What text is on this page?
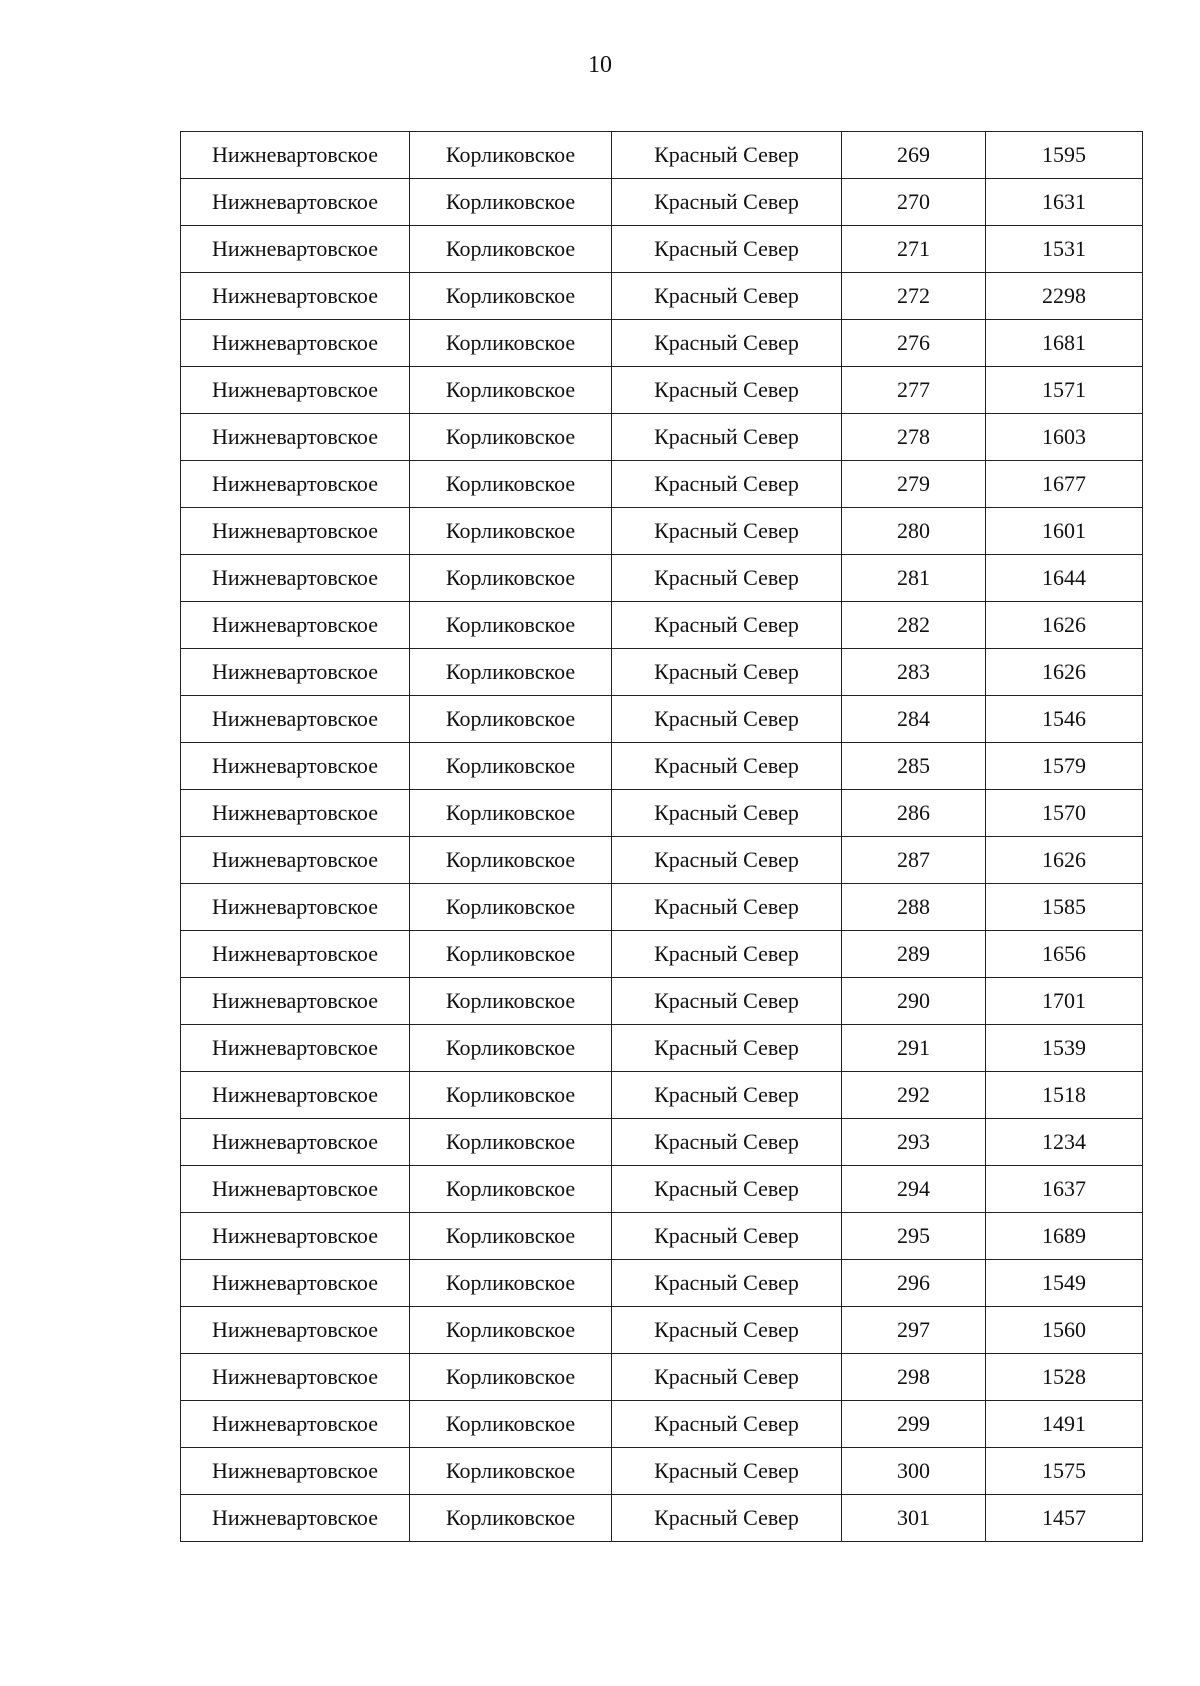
10
Нижневартовское	Корликовское	Красный Север	269	1595
Нижневартовское	Корликовское	Красный Север	270	1631
Нижневартовское	Корликовское	Красный Север	271	1531
Нижневартовское	Корликовское	Красный Север	272	2298
Нижневартовское	Корликовское	Красный Север	276	1681
Нижневартовское	Корликовское	Красный Север	277	1571
Нижневартовское	Корликовское	Красный Север	278	1603
Нижневартовское	Корликовское	Красный Север	279	1677
Нижневартовское	Корликовское	Красный Север	280	1601
Нижневартовское	Корликовское	Красный Север	281	1644
Нижневартовское	Корликовское	Красный Север	282	1626
Нижневартовское	Корликовское	Красный Север	283	1626
Нижневартовское	Корликовское	Красный Север	284	1546
Нижневартовское	Корликовское	Красный Север	285	1579
Нижневартовское	Корликовское	Красный Север	286	1570
Нижневартовское	Корликовское	Красный Север	287	1626
Нижневартовское	Корликовское	Красный Север	288	1585
Нижневартовское	Корликовское	Красный Север	289	1656
Нижневартовское	Корликовское	Красный Север	290	1701
Нижневартовское	Корликовское	Красный Север	291	1539
Нижневартовское	Корликовское	Красный Север	292	1518
Нижневартовское	Корликовское	Красный Север	293	1234
Нижневартовское	Корликовское	Красный Север	294	1637
Нижневартовское	Корликовское	Красный Север	295	1689
Нижневартовское	Корликовское	Красный Север	296	1549
Нижневартовское	Корликовское	Красный Север	297	1560
Нижневартовское	Корликовское	Красный Север	298	1528
Нижневартовское	Корликовское	Красный Север	299	1491
Нижневартовское	Корликовское	Красный Север	300	1575
Нижневартовское	Корликовское	Красный Север	301	1457
